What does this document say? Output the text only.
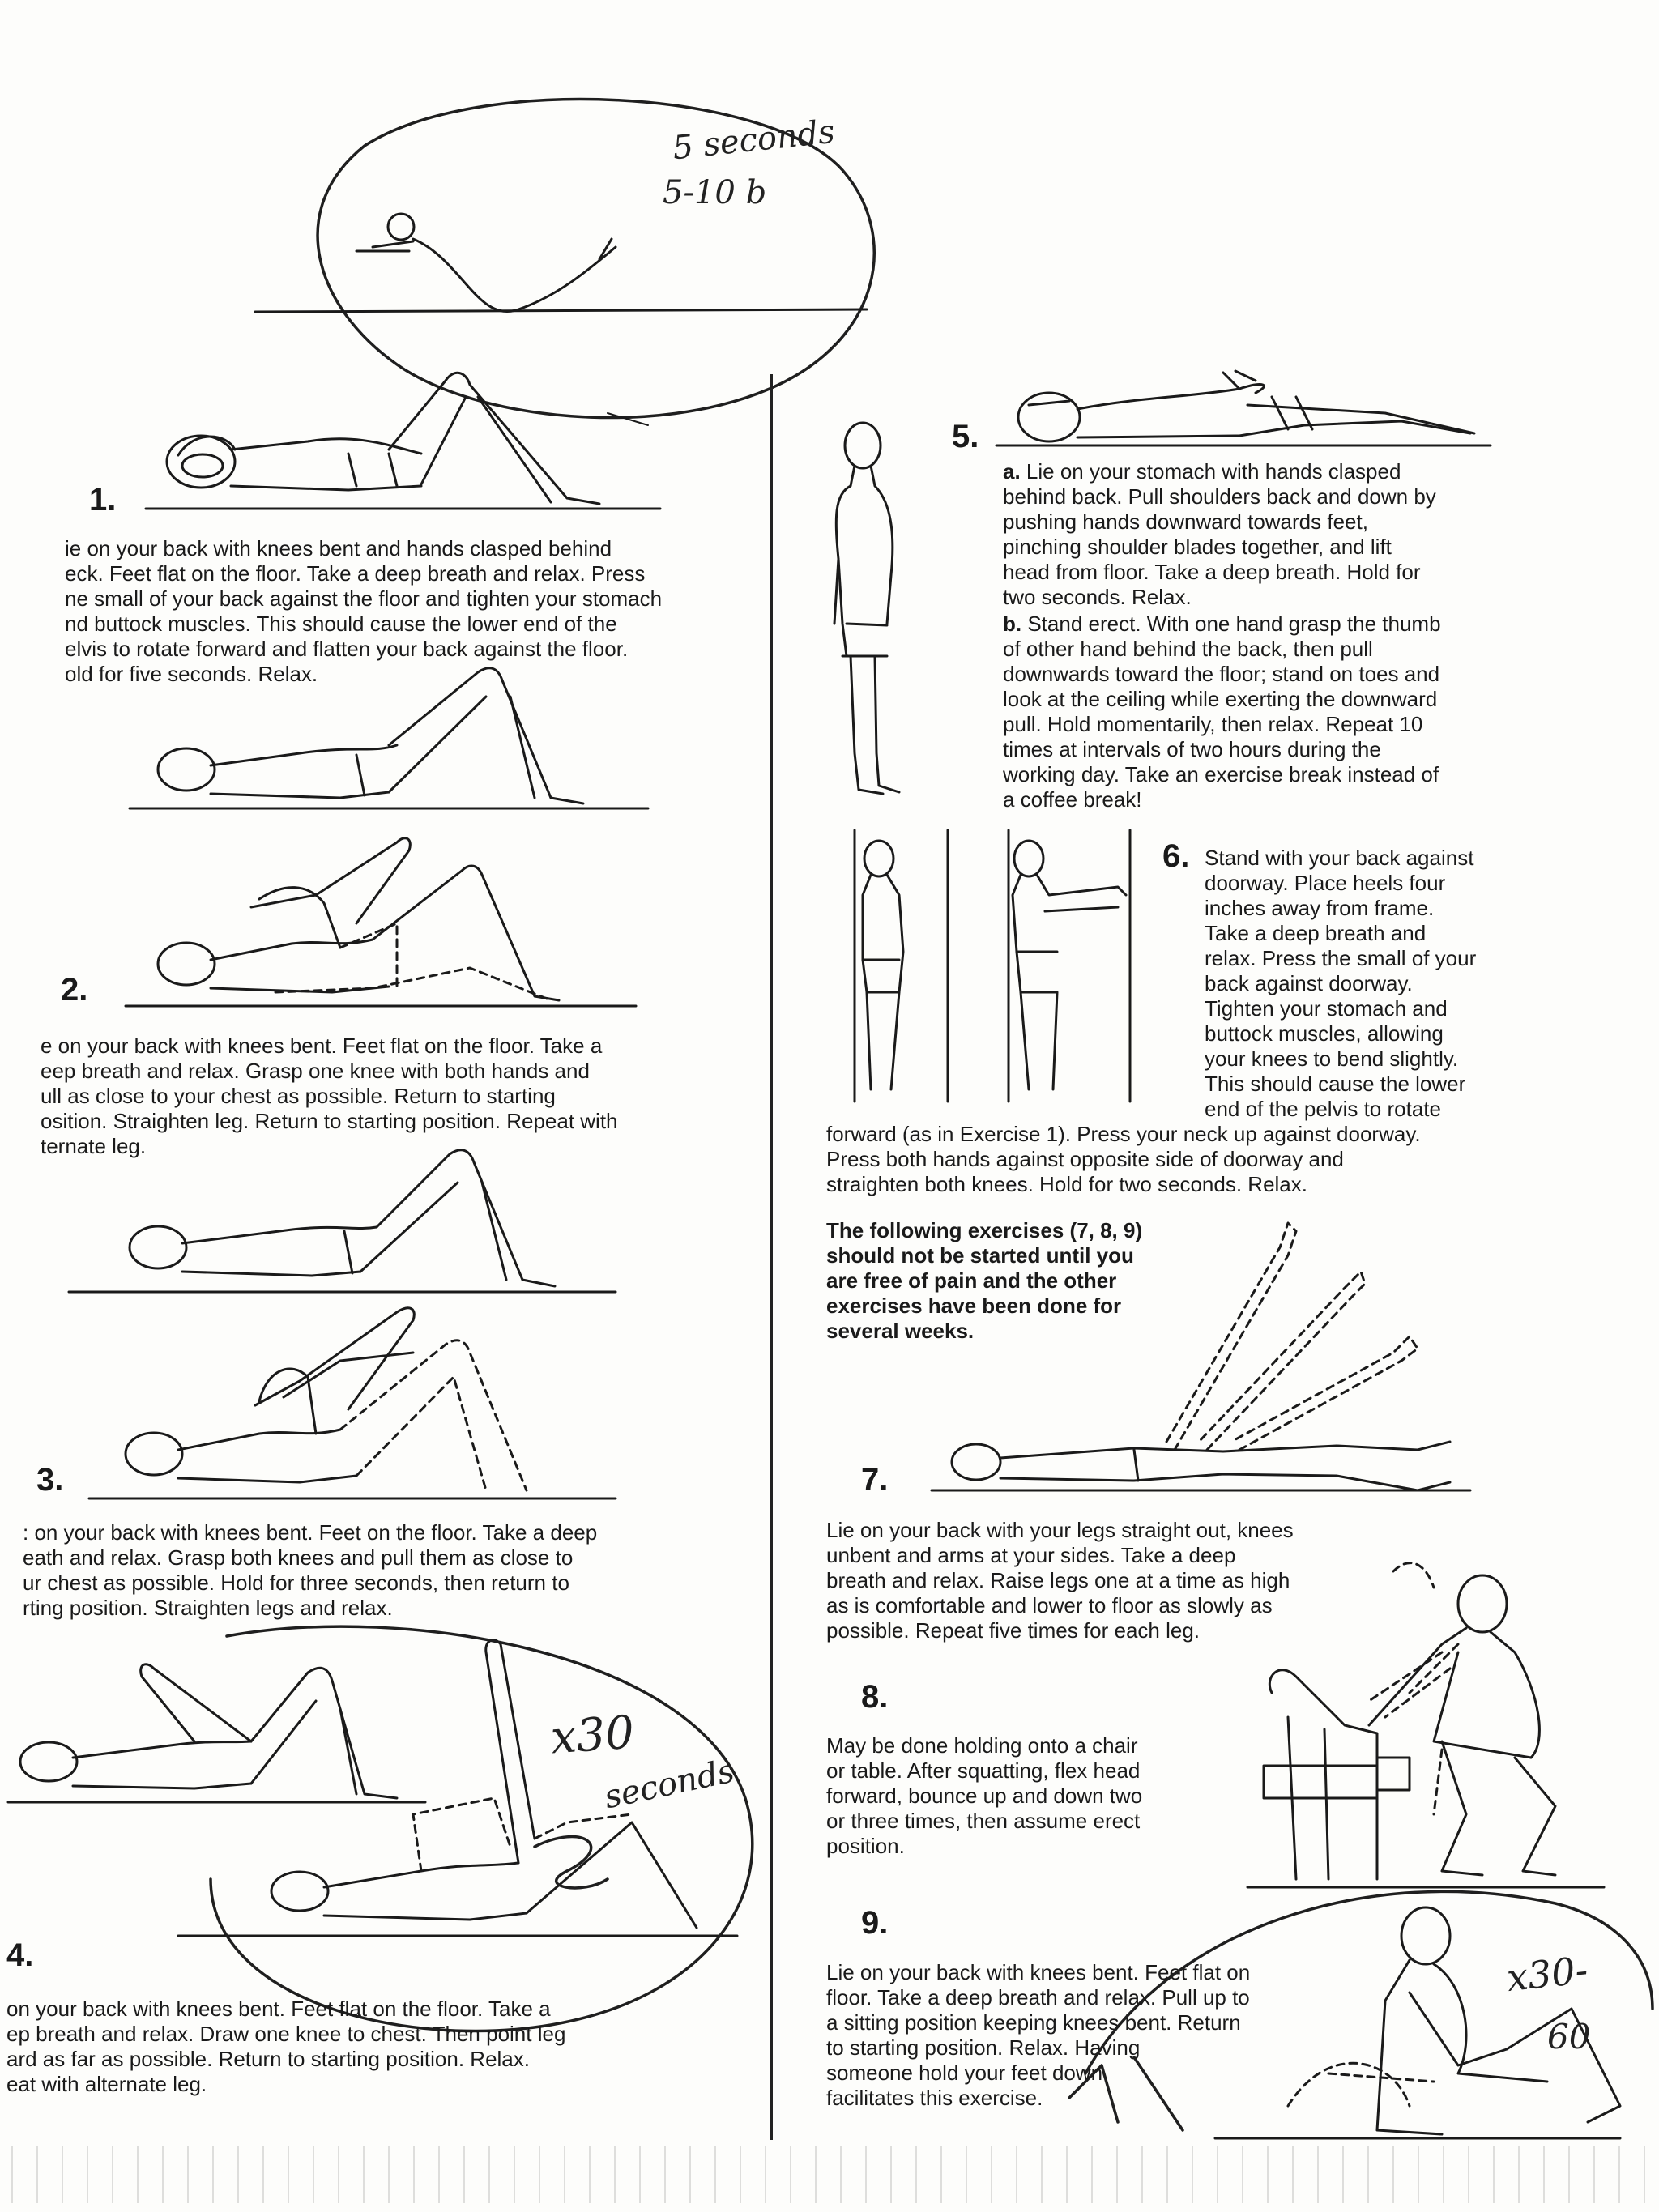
5 seconds
5-10 b
1.
ie on your back with knees bent and hands clasped behind
eck. Feet flat on the floor. Take a deep breath and relax. Press
ne small of your back against the floor and tighten your stomach
nd buttock muscles. This should cause the lower end of the
elvis to rotate forward and flatten your back against the floor.
old for five seconds. Relax.
2.
e on your back with knees bent. Feet flat on the floor. Take a
eep breath and relax. Grasp one knee with both hands and
ull as close to your chest as possible. Return to starting
osition. Straighten leg. Return to starting position. Repeat with
ternate leg.
3.
: on your back with knees bent. Feet on the floor. Take a deep
eath and relax. Grasp both knees and pull them as close to
ur chest as possible. Hold for three seconds, then return to
rting position. Straighten legs and relax.
x30
seconds
4.
on your back with knees bent. Feet flat on the floor. Take a
ep breath and relax. Draw one knee to chest. Then point leg
ard as far as possible. Return to starting position. Relax.
eat with alternate leg.
5.
a. Lie on your stomach with hands clasped
behind back. Pull shoulders back and down by
pushing hands downward towards feet,
pinching shoulder blades together, and lift
head from floor. Take a deep breath. Hold for
two seconds. Relax.
b. Stand erect. With one hand grasp the thumb
of other hand behind the back, then pull
downwards toward the floor; stand on toes and
look at the ceiling while exerting the downward
pull. Hold momentarily, then relax. Repeat 10
times at intervals of two hours during the
working day. Take an exercise break instead of
a coffee break!
6. Stand with your back against
doorway. Place heels four
inches away from frame.
Take a deep breath and
relax. Press the small of your
back against doorway.
Tighten your stomach and
buttock muscles, allowing
your knees to bend slightly.
This should cause the lower
end of the pelvis to rotate
forward (as in Exercise 1). Press your neck up against doorway.
Press both hands against opposite side of doorway and
straighten both knees. Hold for two seconds. Relax.
The following exercises (7, 8, 9)
should not be started until you
are free of pain and the other
exercises have been done for
several weeks.
7.
Lie on your back with your legs straight out, knees
unbent and arms at your sides. Take a deep
breath and relax. Raise legs one at a time as high
as is comfortable and lower to floor as slowly as
possible. Repeat five times for each leg.
8.
May be done holding onto a chair
or table. After squatting, flex head
forward, bounce up and down two
or three times, then assume erect
position.
9.
Lie on your back with knees bent. Feet flat on
floor. Take a deep breath and relax. Pull up to
a sitting position keeping knees bent. Return
to starting position. Relax. Having
someone hold your feet down
facilitates this exercise.
x30-
60
